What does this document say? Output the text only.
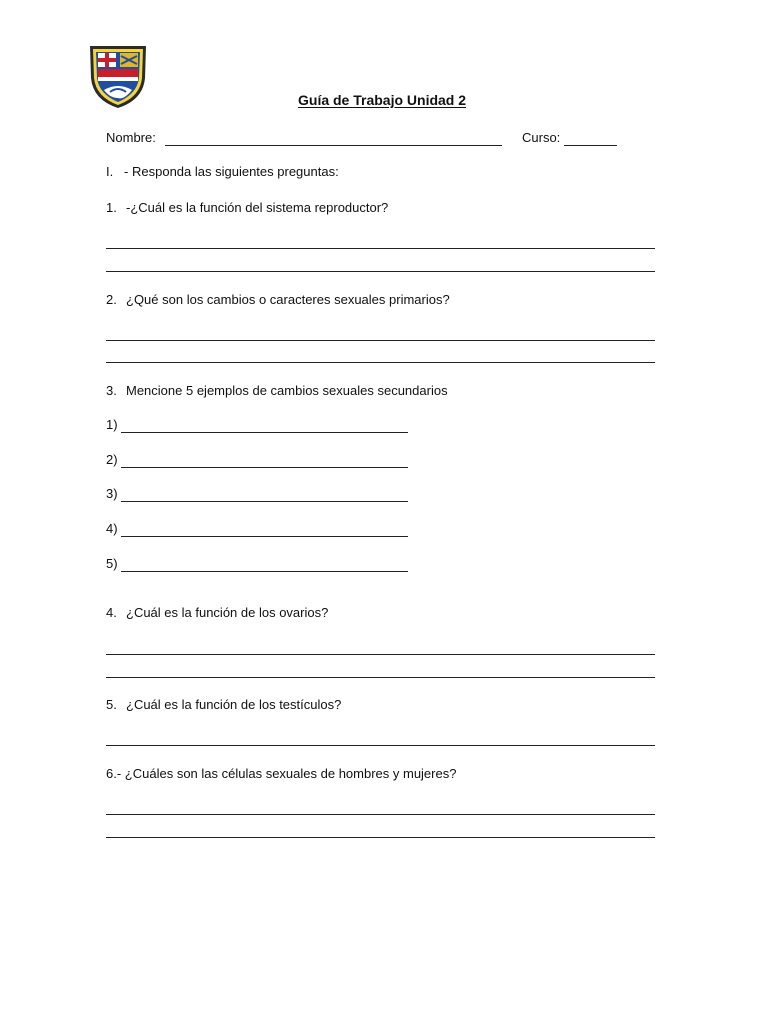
Guía de Trabajo Unidad 2
Nombre:	Curso:
I.   - Responda las siguientes preguntas:
1. -¿Cuál es la función del sistema reproductor?
2. ¿Qué son los cambios o caracteres sexuales primarios?
3. Mencione 5 ejemplos de cambios sexuales secundarios
1)
2)
3)
4)
5)
4. ¿Cuál es la función de los ovarios?
5. ¿Cuál es la función de los testículos?
6.- ¿Cuáles son las células sexuales de hombres y mujeres?
